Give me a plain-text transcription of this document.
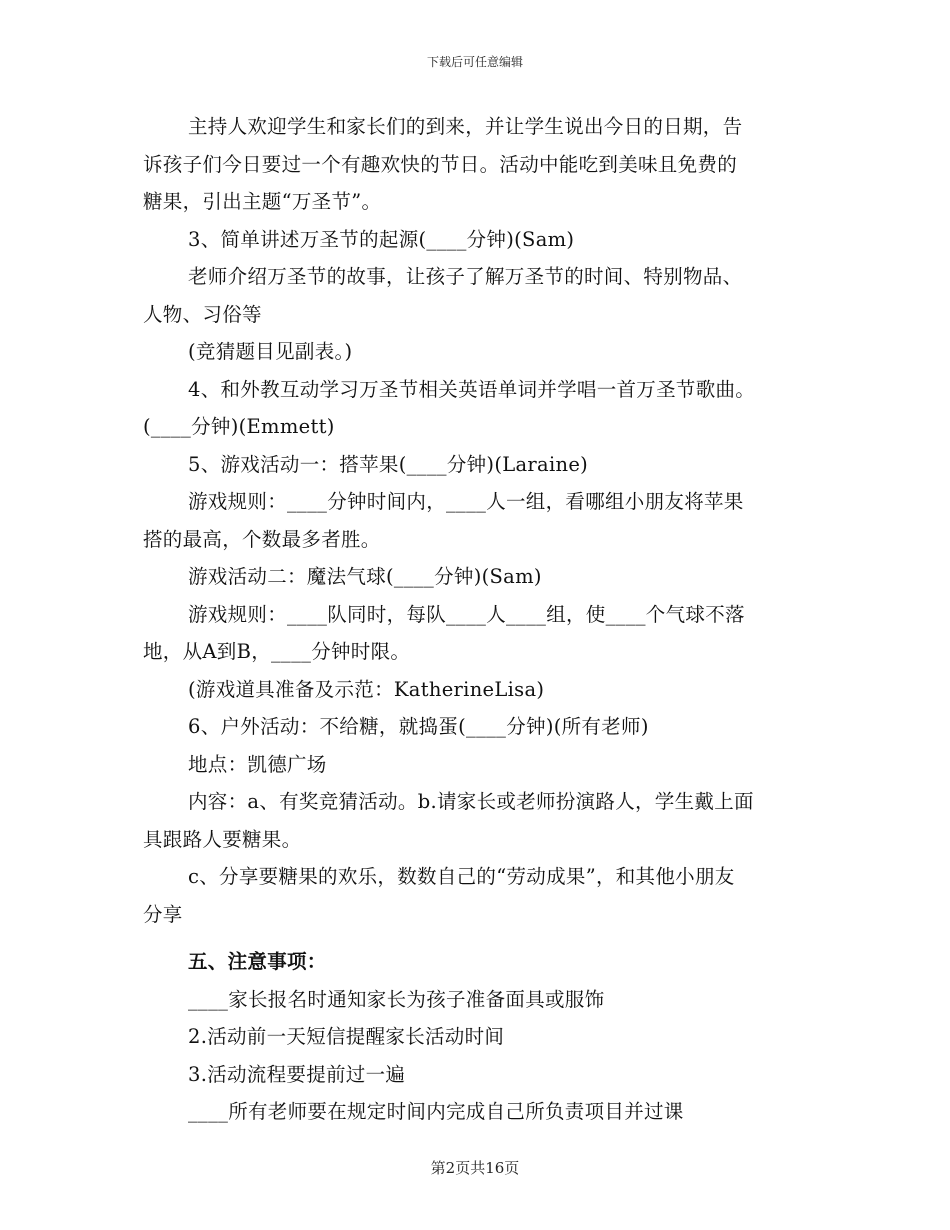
下载后可任意编辑
主持人欢迎学生和家长们的到来，并让学生说出今日的日期，告
诉孩子们今日要过一个有趣欢快的节日。活动中能吃到美味且免费的
糖果，引出主题“万圣节”。
3、简单讲述万圣节的起源(____分钟)(Sam)
老师介绍万圣节的故事，让孩子了解万圣节的时间、特别物品、
人物、习俗等
(竞猜题目见副表。)
4、和外教互动学习万圣节相关英语单词并学唱一首万圣节歌曲。
(____分钟)(Emmett)
5、游戏活动一：搭苹果(____分钟)(Laraine)
游戏规则：____分钟时间内，____人一组，看哪组小朋友将苹果
搭的最高，个数最多者胜。
游戏活动二：魔法气球(____分钟)(Sam)
游戏规则：____队同时，每队____人____组，使____个气球不落
地，从A到B，____分钟时限。
(游戏道具准备及示范：KatherineLisa)
6、户外活动：不给糖，就捣蛋(____分钟)(所有老师)
地点：凯德广场
内容：a、有奖竞猜活动。b.请家长或老师扮演路人，学生戴上面
具跟路人要糖果。
c、分享要糖果的欢乐，数数自己的“劳动成果”，和其他小朋友
分享
五、注意事项：
____家长报名时通知家长为孩子准备面具或服饰
2.活动前一天短信提醒家长活动时间
3.活动流程要提前过一遍
____所有老师要在规定时间内完成自己所负责项目并过课
第2页共16页
